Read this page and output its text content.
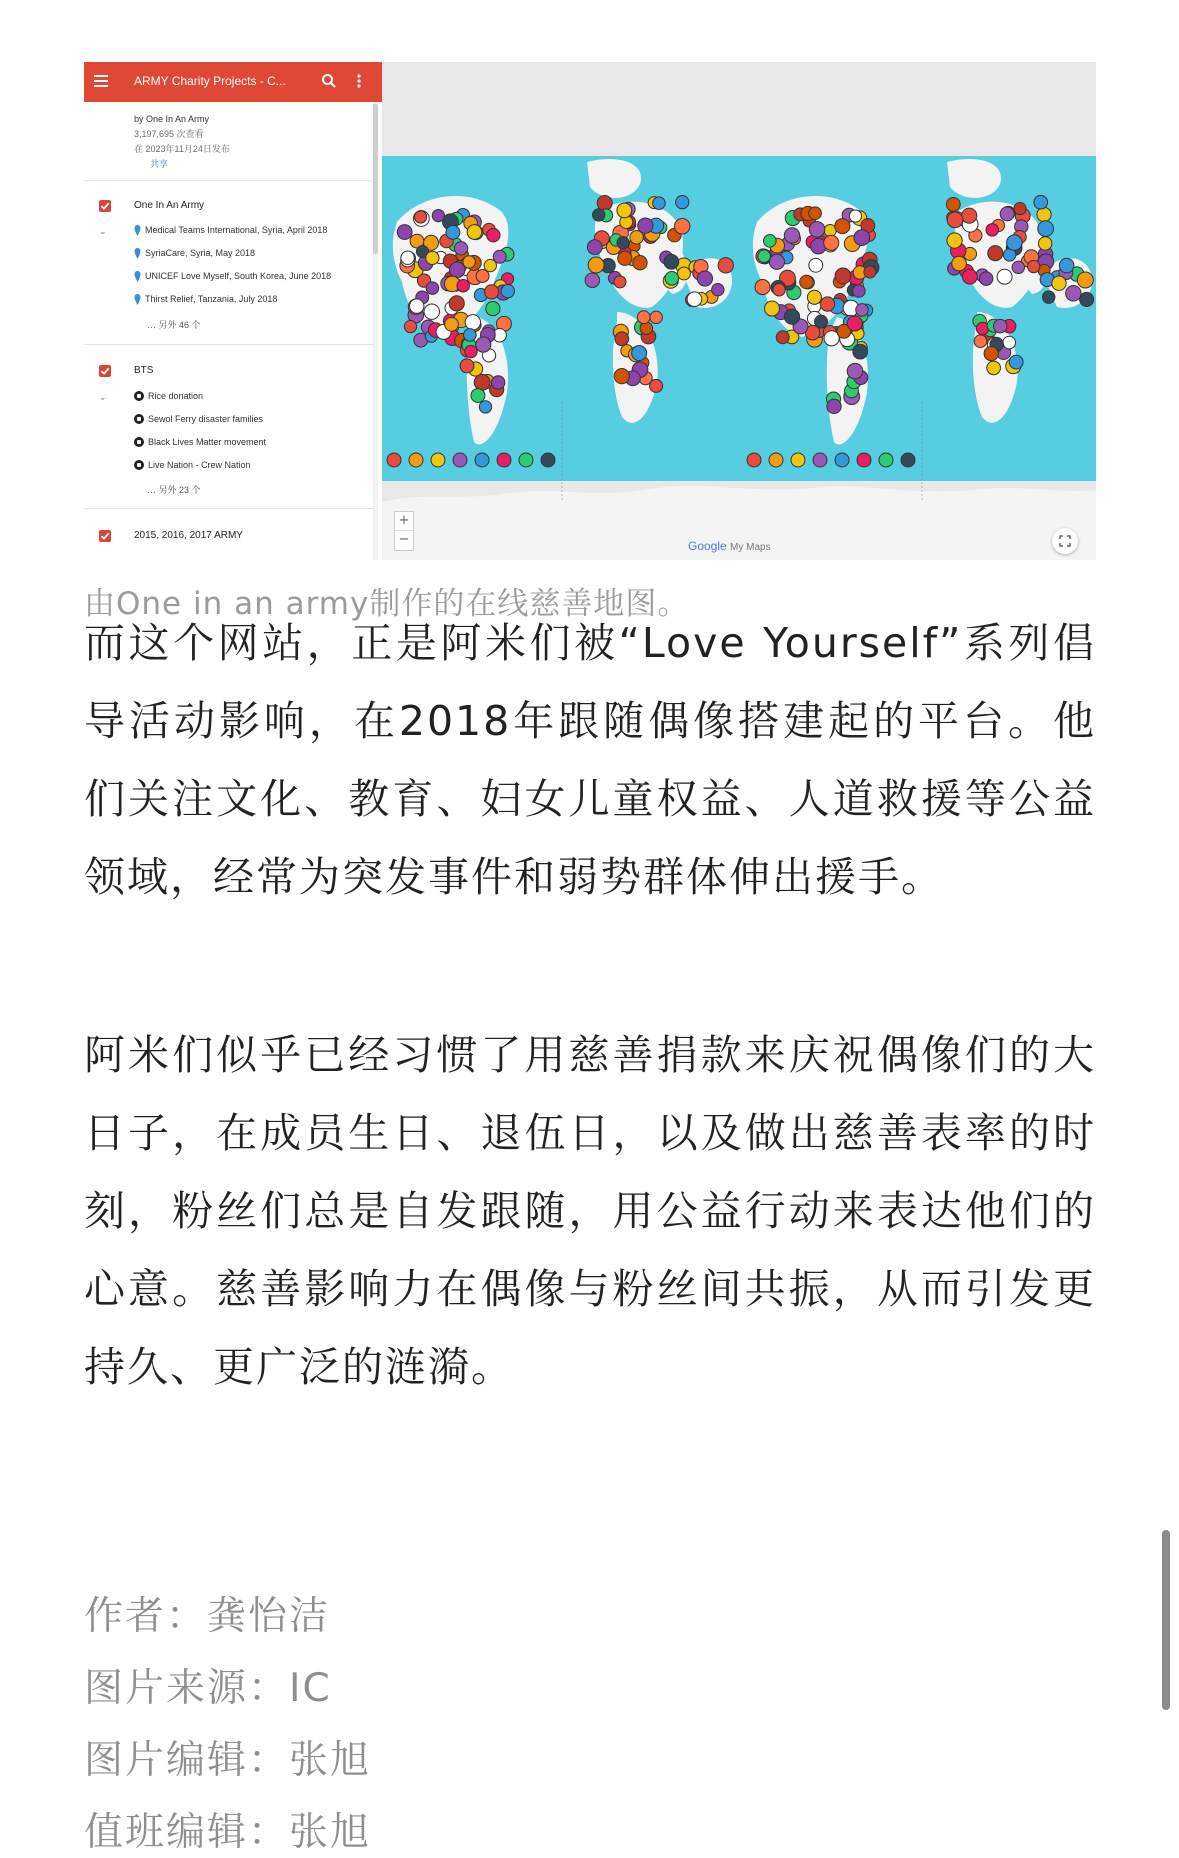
ARMY Charity Projects - C...
by One In An Army
3,197,695 次查看
在 2023年11月24日发布
共享
One In An Army
⌄	Medical Teams International, Syria, April 2018
SyriaCare, Syria, May 2018
UNICEF Love Myself, South Korea, June 2018
Thirst Relief, Tanzania, July 2018
… 另外 46 个
BTS
⌄	Rice donation
Sewol Ferry disaster families
Black Lives Matter movement
Live Nation - Crew Nation
… 另外 23 个
2015, 2016, 2017 ARMY
+
−	Google My Maps
由One in an army制作的在线慈善地图。
而这个网站，正是阿米们被“Love Yourself”系列倡导活动影响，在2018年跟随偶像搭建起的平台。他们关注文化、教育、妇女儿童权益、人道救援等公益领域，经常为突发事件和弱势群体伸出援手。
阿米们似乎已经习惯了用慈善捐款来庆祝偶像们的大日子，在成员生日、退伍日，以及做出慈善表率的时刻，粉丝们总是自发跟随，用公益行动来表达他们的心意。慈善影响力在偶像与粉丝间共振，从而引发更持久、更广泛的涟漪。
作者：龚怡洁
图片来源：IC
图片编辑：张旭
值班编辑：张旭
